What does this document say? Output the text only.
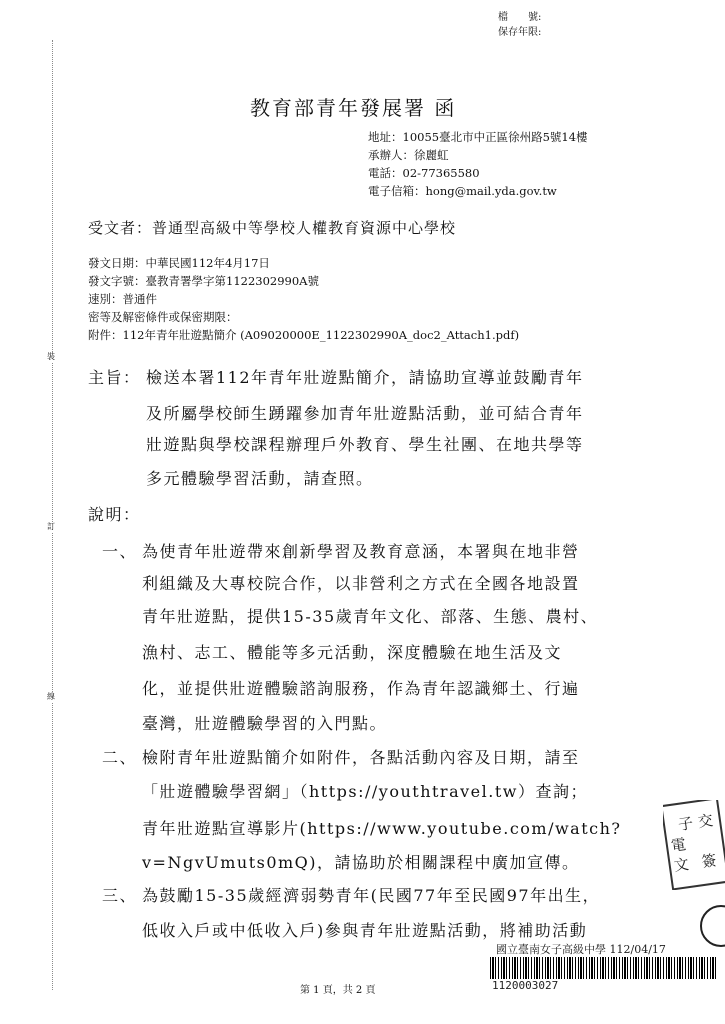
裝
訂
線
檔　　號:
保存年限:
教育部青年發展署 函
地址：10055臺北市中正區徐州路5號14樓
承辦人：徐麗虹
電話：02-77365580
電子信箱：hong@mail.yda.gov.tw
受文者：普通型高級中等學校人權教育資源中心學校
發文日期：中華民國112年4月17日
發文字號：臺教青署學字第1122302990A號
速別：普通件
密等及解密條件或保密期限：
附件：112年青年壯遊點簡介 (A09020000E_1122302990A_doc2_Attach1.pdf)
主旨： 檢送本署112年青年壯遊點簡介，請協助宣導並鼓勵青年
及所屬學校師生踴躍參加青年壯遊點活動，並可結合青年
壯遊點與學校課程辦理戶外教育、學生社團、在地共學等
多元體驗學習活動，請查照。
說明：
一、 為使青年壯遊帶來創新學習及教育意涵，本署與在地非營
利組織及大專校院合作，以非營利之方式在全國各地設置
青年壯遊點，提供15-35歲青年文化、部落、生態、農村、
漁村、志工、體能等多元活動，深度體驗在地生活及文
化，並提供壯遊體驗諮詢服務，作為青年認識鄉土、行遍
臺灣，壯遊體驗學習的入門點。
二、 檢附青年壯遊點簡介如附件，各點活動內容及日期，請至
「壯遊體驗學習網」（https://youthtravel.tw）查詢；
青年壯遊點宣導影片(https://www.youtube.com/watch?
v=NgvUmuts0mQ)，請協助於相關課程中廣加宣傳。
三、 為鼓勵15-35歲經濟弱勢青年(民國77年至民國97年出生，
低收入戶或中低收入戶)參與青年壯遊點活動，將補助活動
子 交
電
文 簽
國立臺南女子高級中學 112/04/17
1120003027
第 1 頁，共 2 頁
